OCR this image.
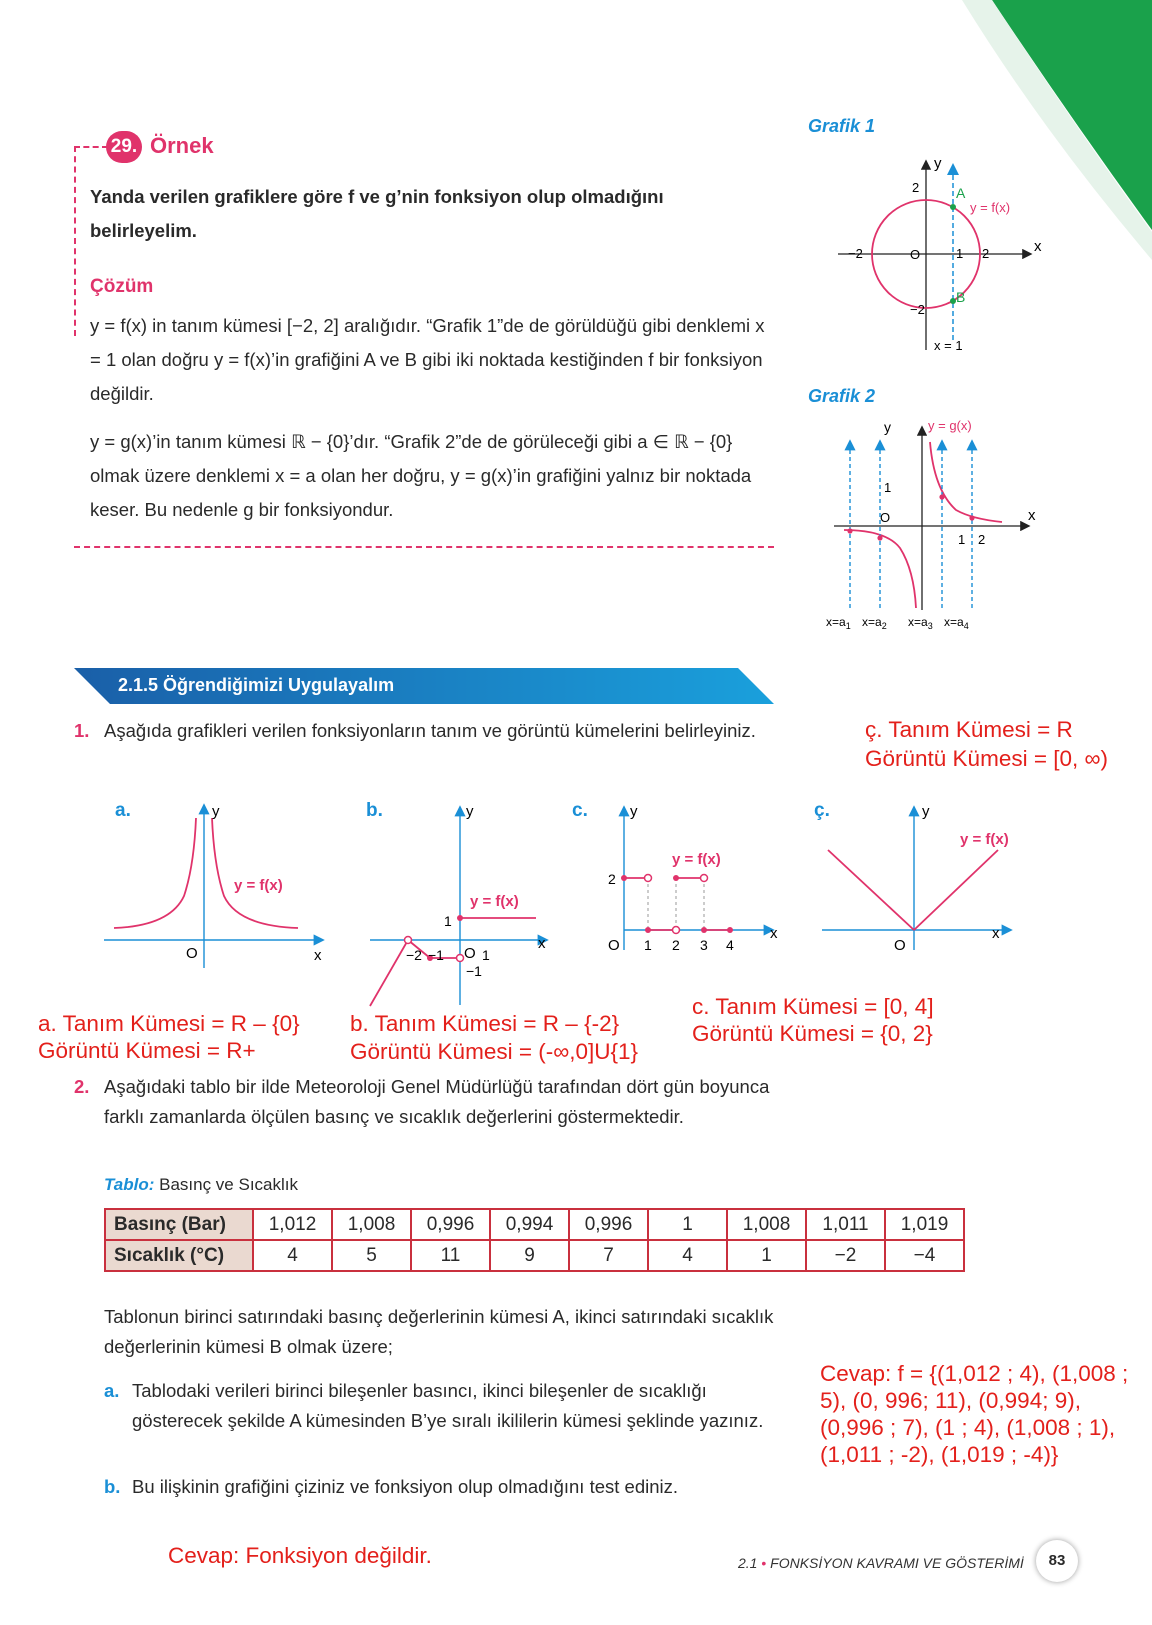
29. Örnek
Yanda verilen grafiklere göre f ve g’nin fonksiyon olup olmadığını belirleyelim.
Çözüm
y = f(x) in tanım kümesi [−2, 2] aralığıdır. “Grafik 1”de de görüldüğü gibi denklemi x = 1 olan doğru y = f(x)’in grafiğini A ve B gibi iki noktada kestiğinden f bir fonksiyon değildir.
y = g(x)’in tanım kümesi ℝ − {0}’dır. “Grafik 2”de de görüleceği gibi a ∈ ℝ − {0} olmak üzere denklemi x = a olan her doğru, y = g(x)’in grafiğini yalnız bir noktada keser. Bu nedenle g bir fonksiyondur.
Grafik 1
y
x
2
−2
−2	O	1 2
A
B
y = f(x)
x = 1
Grafik 2
y
x
y = g(x)
1
O
1 2
$x=a_1$ $x=a_2$ $x=a_3$ $x=a_4$
2.1.5 Öğrendiğimizi Uygulayalım
1. Aşağıda grafikleri verilen fonksiyonların tanım ve görüntü kümelerini belirleyiniz.	ç. Tanım Kümesi = R
Görüntü Kümesi = [0, ∞)
a.	y
x
O
y = f(x)
b.	y
x
O
1
−2 −1	1
−1
y = f(x)
c.	y
x
O
2
1 2 3 4
y = f(x)
ç.	y
x
O
y = f(x)
a. Tanım Kümesi = R – {0}
Görüntü Kümesi = R+
b. Tanım Kümesi = R – {-2}
Görüntü Kümesi = (-∞,0]U{1}
c. Tanım Kümesi = [0, 4]
Görüntü Kümesi = {0, 2}
2. Aşağıdaki tablo bir ilde Meteoroloji Genel Müdürlüğü tarafından dört gün boyunca farklı zamanlarda ölçülen basınç ve sıcaklık değerlerini göstermektedir.
Tablo: Basınç ve Sıcaklık
Basınç (Bar)	1,012	1,008	0,996	0,994	0,996	1	1,008	1,011	1,019
Sıcaklık (°C)	4	5	11	9	7	4	1	−2	−4
Tablonun birinci satırındaki basınç değerlerinin kümesi A, ikinci satırındaki sıcaklık değerlerinin kümesi B olmak üzere;
a. Tablodaki verileri birinci bileşenler basıncı, ikinci bileşenler de sıcaklığı gösterecek şekilde A kümesinden B’ye sıralı ikililerin kümesi şeklinde yazınız.
b. Bu ilişkinin grafiğini çiziniz ve fonksiyon olup olmadığını test ediniz.
Cevap: f = {(1,012 ; 4), (1,008 ;
5), (0, 996; 11), (0,994; 9),
(0,996 ; 7), (1 ; 4), (1,008 ; 1),
(1,011 ; -2), (1,019 ; -4)}
Cevap: Fonksiyon değildir.	2.1 • FONKSİYON KAVRAMI VE GÖSTERİMİ	83
